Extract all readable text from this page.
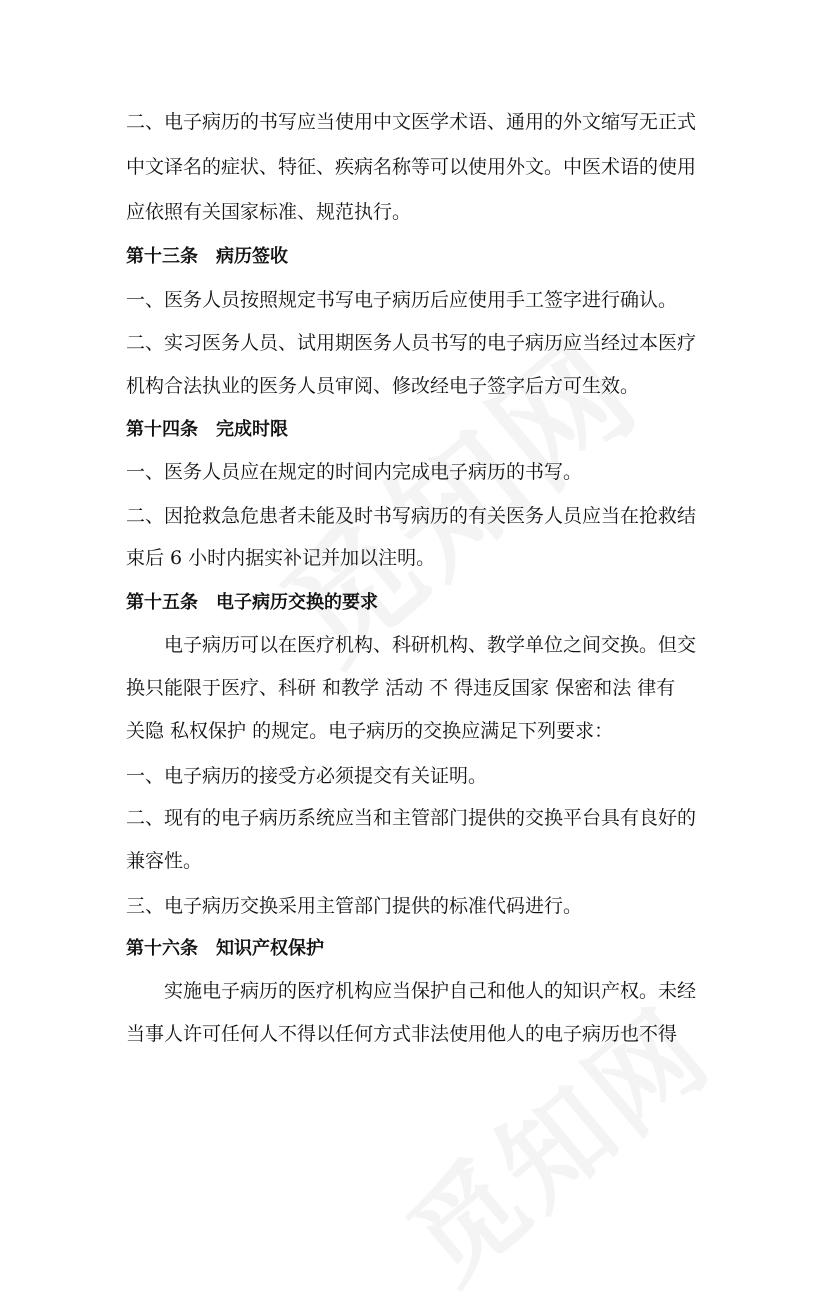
二、电子病历的书写应当使用中文医学术语、通用的外文缩写无正式
中文译名的症状、特征、疾病名称等可以使用外文。中医术语的使用
应依照有关国家标准、规范执行。
第十三条　病历签收
一、医务人员按照规定书写电子病历后应使用手工签字进行确认。
二、实习医务人员、试用期医务人员书写的电子病历应当经过本医疗
机构合法执业的医务人员审阅、修改经电子签字后方可生效。
第十四条　完成时限
一、医务人员应在规定的时间内完成电子病历的书写。
二、因抢救急危患者未能及时书写病历的有关医务人员应当在抢救结
束后 6 小时内据实补记并加以注明。
第十五条　电子病历交换的要求
电子病历可以在医疗机构、科研机构、教学单位之间交换。但交
换只能限于医疗、科研 和教学 活动 不 得违反国家 保密和法 律有
关隐 私权保护 的规定。电子病历的交换应满足下列要求：
一、电子病历的接受方必须提交有关证明。
二、现有的电子病历系统应当和主管部门提供的交换平台具有良好的
兼容性。
三、电子病历交换采用主管部门提供的标准代码进行。
第十六条　知识产权保护
实施电子病历的医疗机构应当保护自己和他人的知识产权。未经
当事人许可任何人不得以任何方式非法使用他人的电子病历也不得
